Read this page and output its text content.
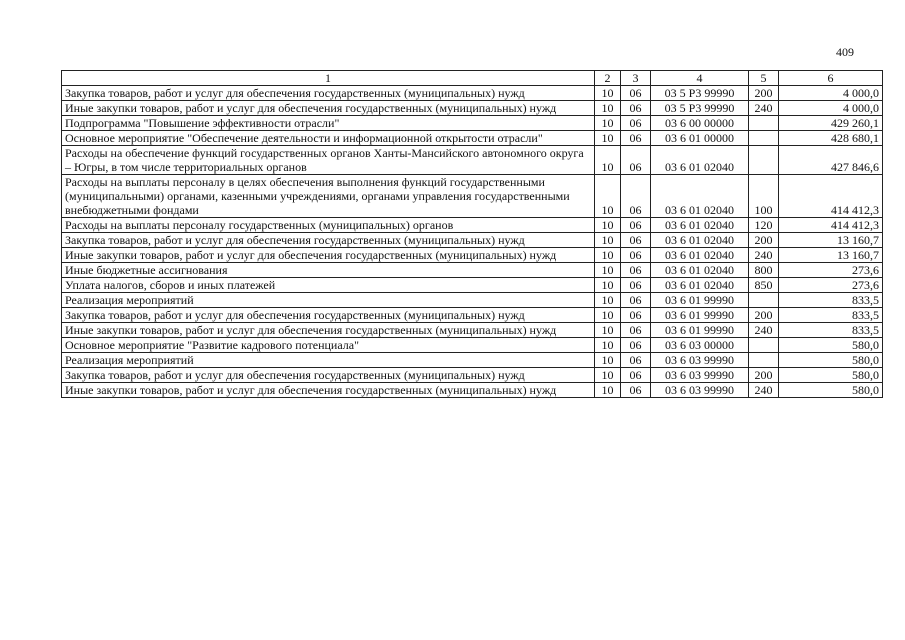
409
1	2	3	4	5	6
Закупка товаров, работ и услуг для обеспечения государственных (муниципальных) нужд	10	06	03 5 P3 99990	200	4 000,0
Иные закупки товаров, работ и услуг для обеспечения государственных (муниципальных) нужд	10	06	03 5 P3 99990	240	4 000,0
Подпрограмма "Повышение эффективности отрасли"	10	06	03 6 00 00000		429 260,1
Основное мероприятие "Обеспечение деятельности и информационной открытости отрасли"	10	06	03 6 01 00000		428 680,1
Расходы на обеспечение функций государственных органов Ханты-Мансийского автономного округа – Югры, в том числе территориальных органов	10	06	03 6 01 02040		427 846,6
Расходы на выплаты персоналу в целях обеспечения выполнения функций государственными (муниципальными) органами, казенными учреждениями, органами управления государственными внебюджетными фондами	10	06	03 6 01 02040	100	414 412,3
Расходы на выплаты персоналу государственных (муниципальных) органов	10	06	03 6 01 02040	120	414 412,3
Закупка товаров, работ и услуг для обеспечения государственных (муниципальных) нужд	10	06	03 6 01 02040	200	13 160,7
Иные закупки товаров, работ и услуг для обеспечения государственных (муниципальных) нужд	10	06	03 6 01 02040	240	13 160,7
Иные бюджетные ассигнования	10	06	03 6 01 02040	800	273,6
Уплата налогов, сборов и иных платежей	10	06	03 6 01 02040	850	273,6
Реализация мероприятий	10	06	03 6 01 99990		833,5
Закупка товаров, работ и услуг для обеспечения государственных (муниципальных) нужд	10	06	03 6 01 99990	200	833,5
Иные закупки товаров, работ и услуг для обеспечения государственных (муниципальных) нужд	10	06	03 6 01 99990	240	833,5
Основное мероприятие "Развитие кадрового потенциала"	10	06	03 6 03 00000		580,0
Реализация мероприятий	10	06	03 6 03 99990		580,0
Закупка товаров, работ и услуг для обеспечения государственных (муниципальных) нужд	10	06	03 6 03 99990	200	580,0
Иные закупки товаров, работ и услуг для обеспечения государственных (муниципальных) нужд	10	06	03 6 03 99990	240	580,0
